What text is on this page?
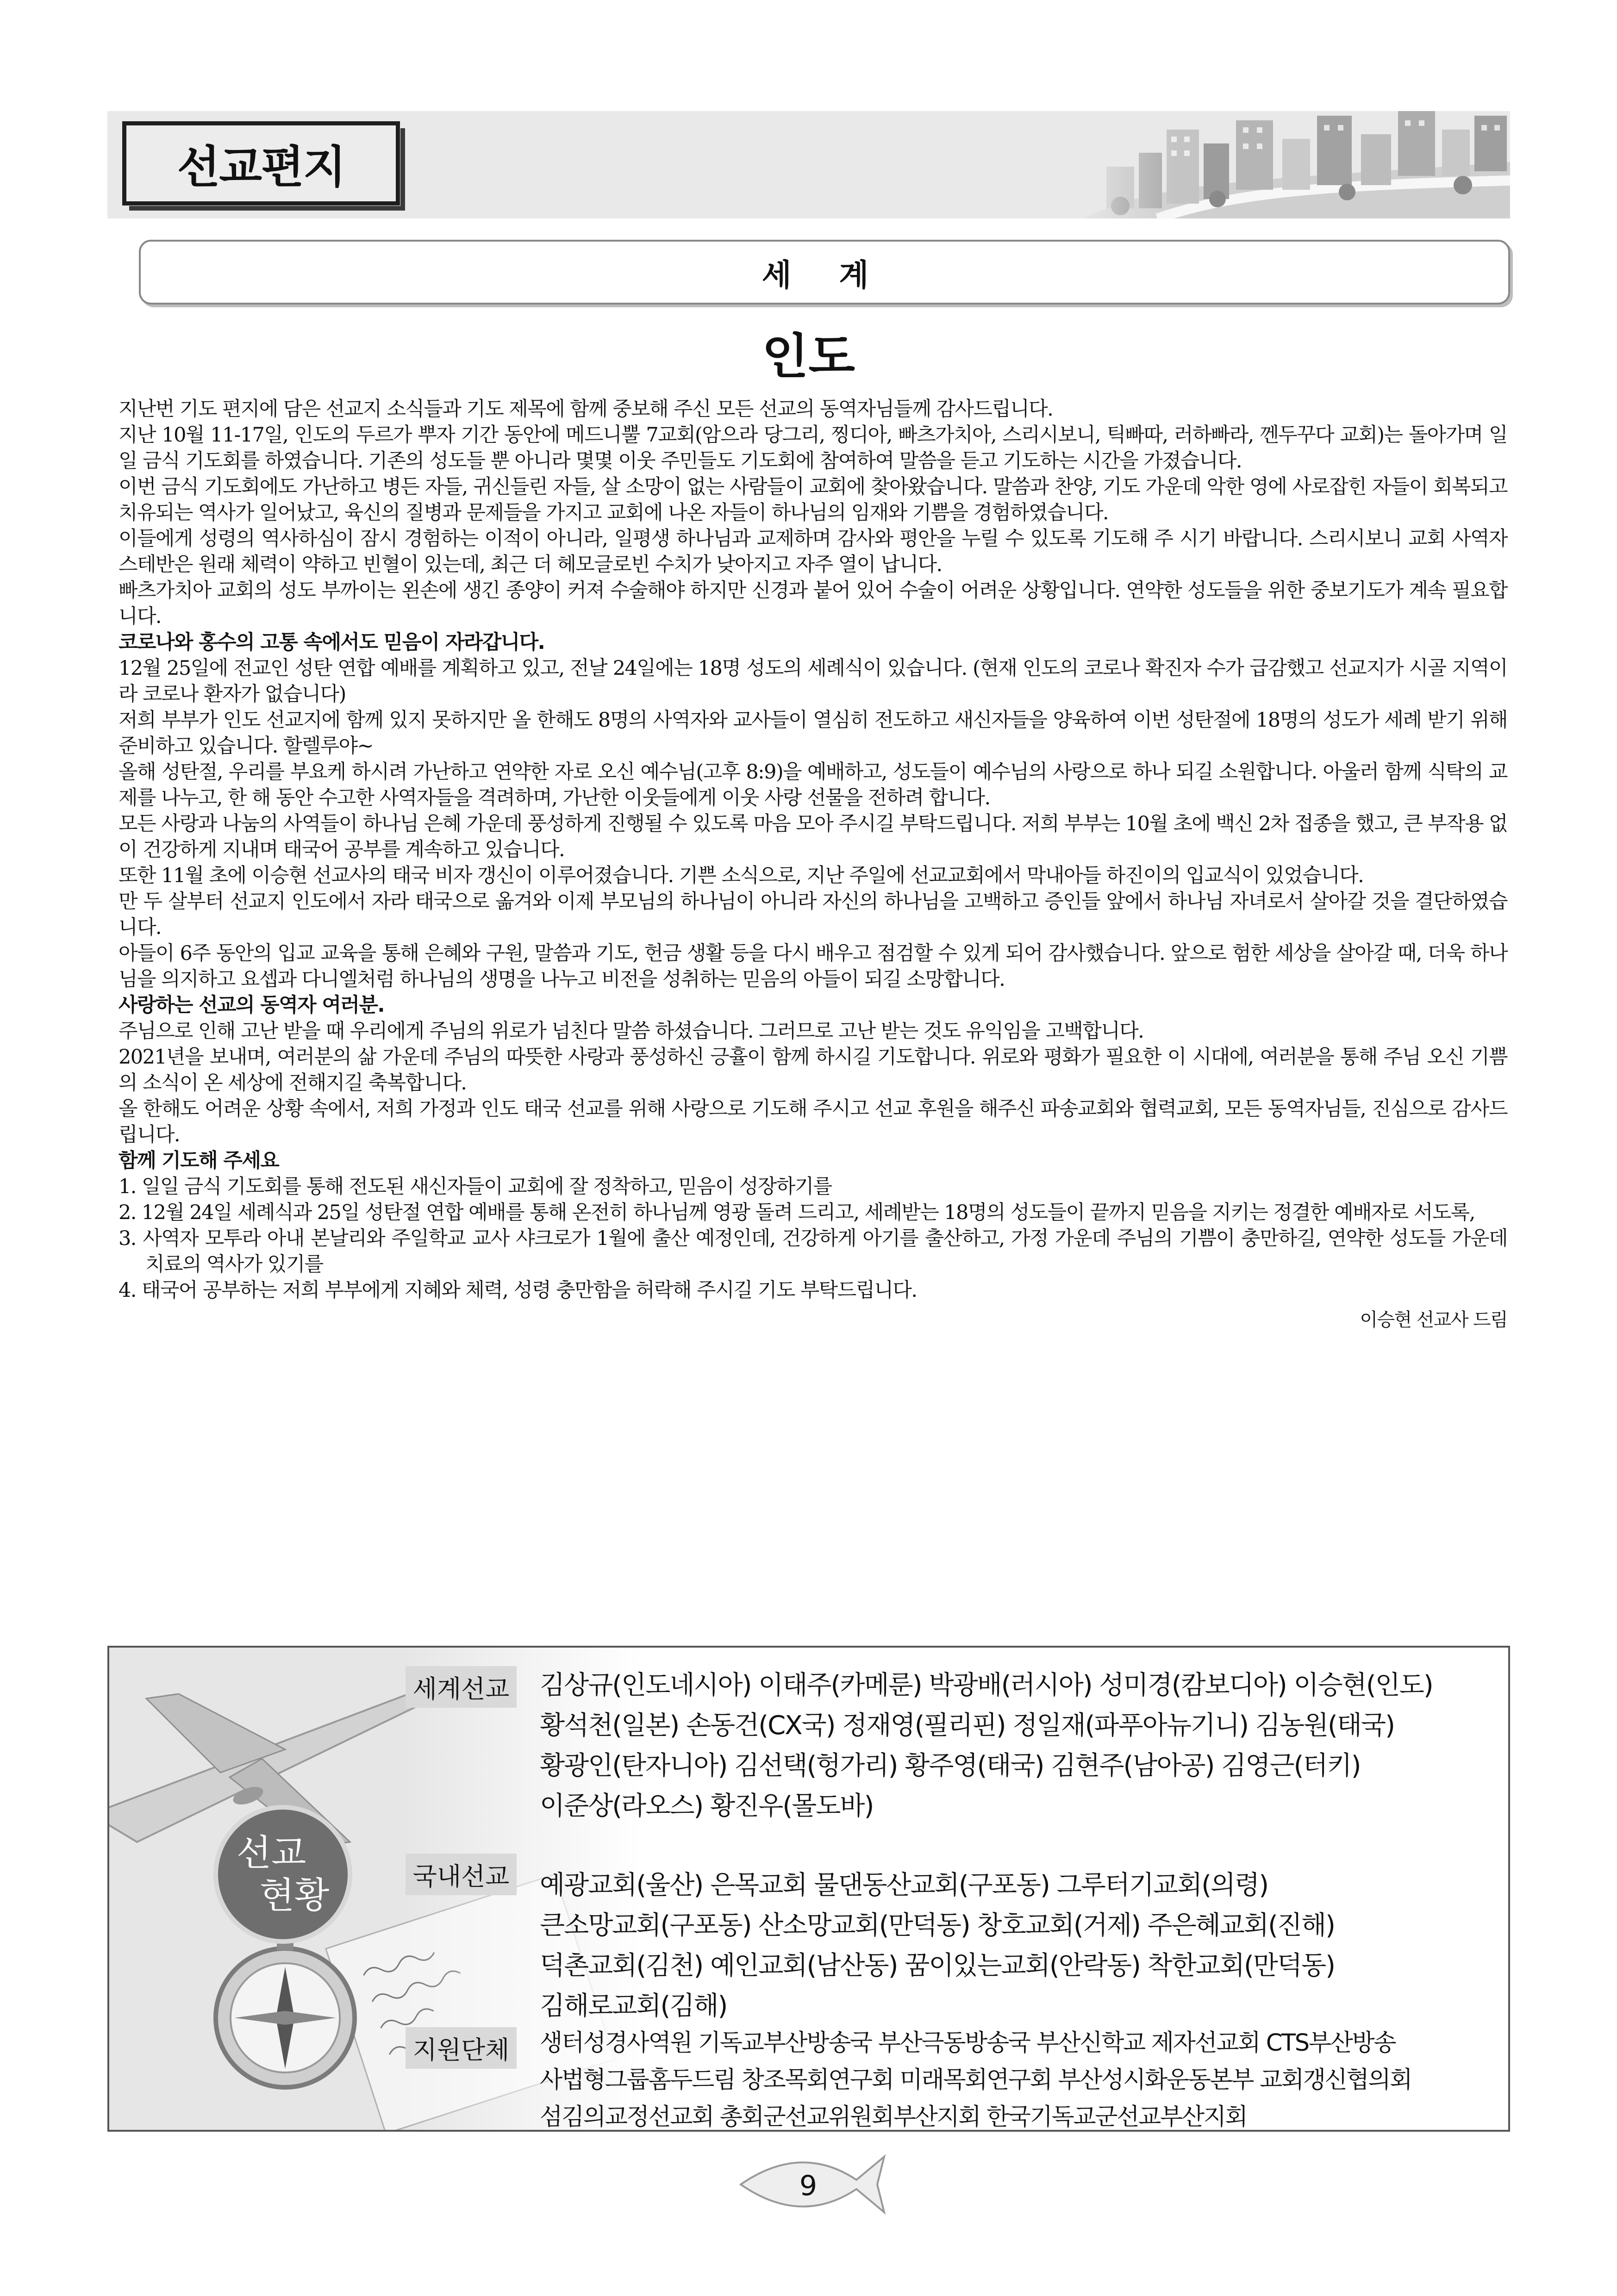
선교편지
세 계
인도

지난번 기도 편지에 담은 선교지 소식들과 기도 제목에 함께 중보해 주신 모든 선교의 동역자님들께 감사드립니다.

지난 10월 11-17일, 인도의 두르가 뿌자 기간 동안에 메드니뿔 7교회(암으라 당그리, 찡디아, 빠츠가치아, 스리시보니, 틱빠따, 러하빠라, 껜두꾸다 교회)는 돌아가며 일일 금식 기도회를 하였습니다. 기존의 성도들 뿐 아니라 몇몇 이웃 주민들도 기도회에 참여하여 말씀을 듣고 기도하는 시간을 가졌습니다.

이번 금식 기도회에도 가난하고 병든 자들, 귀신들린 자들, 살 소망이 없는 사람들이 교회에 찾아왔습니다. 말씀과 찬양, 기도 가운데 악한 영에 사로잡힌 자들이 회복되고 치유되는 역사가 일어났고, 육신의 질병과 문제들을 가지고 교회에 나온 자들이 하나님의 임재와 기쁨을 경험하였습니다.

이들에게 성령의 역사하심이 잠시 경험하는 이적이 아니라, 일평생 하나님과 교제하며 감사와 평안을 누릴 수 있도록 기도해 주 시기 바랍니다. 스리시보니 교회 사역자 스테반은 원래 체력이 약하고 빈혈이 있는데, 최근 더 헤모글로빈 수치가 낮아지고 자주 열이 납니다.

빠츠가치아 교회의 성도 부까이는 왼손에 생긴 종양이 커져 수술해야 하지만 신경과 붙어 있어 수술이 어려운 상황입니다. 연약한 성도들을 위한 중보기도가 계속 필요합니다.

코로나와 홍수의 고통 속에서도 믿음이 자라갑니다.

12월 25일에 전교인 성탄 연합 예배를 계획하고 있고, 전날 24일에는 18명 성도의 세례식이 있습니다. (현재 인도의 코로나 확진자 수가 급감했고 선교지가 시골 지역이라 코로나 환자가 없습니다)

저희 부부가 인도 선교지에 함께 있지 못하지만 올 한해도 8명의 사역자와 교사들이 열심히 전도하고 새신자들을 양육하여 이번 성탄절에 18명의 성도가 세례 받기 위해 준비하고 있습니다. 할렐루야~

올해 성탄절, 우리를 부요케 하시려 가난하고 연약한 자로 오신 예수님(고후 8:9)을 예배하고, 성도들이 예수님의 사랑으로 하나 되길 소원합니다. 아울러 함께 식탁의 교제를 나누고, 한 해 동안 수고한 사역자들을 격려하며, 가난한 이웃들에게 이웃 사랑 선물을 전하려 합니다.

모든 사랑과 나눔의 사역들이 하나님 은혜 가운데 풍성하게 진행될 수 있도록 마음 모아 주시길 부탁드립니다. 저희 부부는 10월 초에 백신 2차 접종을 했고, 큰 부작용 없이 건강하게 지내며 태국어 공부를 계속하고 있습니다.

또한 11월 초에 이승현 선교사의 태국 비자 갱신이 이루어졌습니다. 기쁜 소식으로, 지난 주일에 선교교회에서 막내아들 하진이의 입교식이 있었습니다.

만 두 살부터 선교지 인도에서 자라 태국으로 옮겨와 이제 부모님의 하나님이 아니라 자신의 하나님을 고백하고 증인들 앞에서 하나님 자녀로서 살아갈 것을 결단하였습니다.

아들이 6주 동안의 입교 교육을 통해 은혜와 구원, 말씀과 기도, 헌금 생활 등을 다시 배우고 점검할 수 있게 되어 감사했습니다. 앞으로 험한 세상을 살아갈 때, 더욱 하나님을 의지하고 요셉과 다니엘처럼 하나님의 생명을 나누고 비전을 성취하는 믿음의 아들이 되길 소망합니다.

사랑하는 선교의 동역자 여러분.

주님으로 인해 고난 받을 때 우리에게 주님의 위로가 넘친다 말씀 하셨습니다. 그러므로 고난 받는 것도 유익임을 고백합니다.

2021년을 보내며, 여러분의 삶 가운데 주님의 따뜻한 사랑과 풍성하신 긍휼이 함께 하시길 기도합니다. 위로와 평화가 필요한 이 시대에, 여러분을 통해 주님 오신 기쁨의 소식이 온 세상에 전해지길 축복합니다.

올 한해도 어려운 상황 속에서, 저희 가정과 인도 태국 선교를 위해 사랑으로 기도해 주시고 선교 후원을 해주신 파송교회와 협력교회, 모든 동역자님들, 진심으로 감사드립니다.

함께 기도해 주세요

1. 일일 금식 기도회를 통해 전도된 새신자들이 교회에 잘 정착하고, 믿음이 성장하기를

2. 12월 24일 세례식과 25일 성탄절 연합 예배를 통해 온전히 하나님께 영광 돌려 드리고, 세례받는 18명의 성도들이 끝까지 믿음을 지키는 정결한 예배자로 서도록,

3. 사역자 모투라 아내 본날리와 주일학교 교사 샤크로가 1월에 출산 예정인데, 건강하게 아기를 출산하고, 가정 가운데 주님의 기쁨이 충만하길, 연약한 성도들 가운데 치료의 역사가 있기를

4. 태국어 공부하는 저희 부부에게 지혜와 체력, 성령 충만함을 허락해 주시길 기도 부탁드립니다.

이승현 선교사 드림

선교
현황
세계선교 김상규(인도네시아) 이태주(카메룬) 박광배(러시아) 성미경(캄보디아) 이승현(인도)
황석천(일본) 손동건(CX국) 정재영(필리핀) 정일재(파푸아뉴기니) 김농원(태국)
황광인(탄자니아) 김선택(헝가리) 황주영(태국) 김현주(남아공) 김영근(터키)
이준상(라오스) 황진우(몰도바)
국내선교 예광교회(울산) 은목교회 물댄동산교회(구포동) 그루터기교회(의령)
큰소망교회(구포동) 산소망교회(만덕동) 창호교회(거제) 주은혜교회(진해)
덕촌교회(김천) 예인교회(남산동) 꿈이있는교회(안락동) 착한교회(만덕동)
김해로교회(김해)
지원단체	생터성경사역원 기독교부산방송국 부산극동방송국 부산신학교 제자선교회 CTS부산방송
사법형그룹홈두드림 창조목회연구회 미래목회연구회 부산성시화운동본부 교회갱신협의회
섬김의교정선교회 총회군선교위원회부산지회 한국기독교군선교부산지회
9
